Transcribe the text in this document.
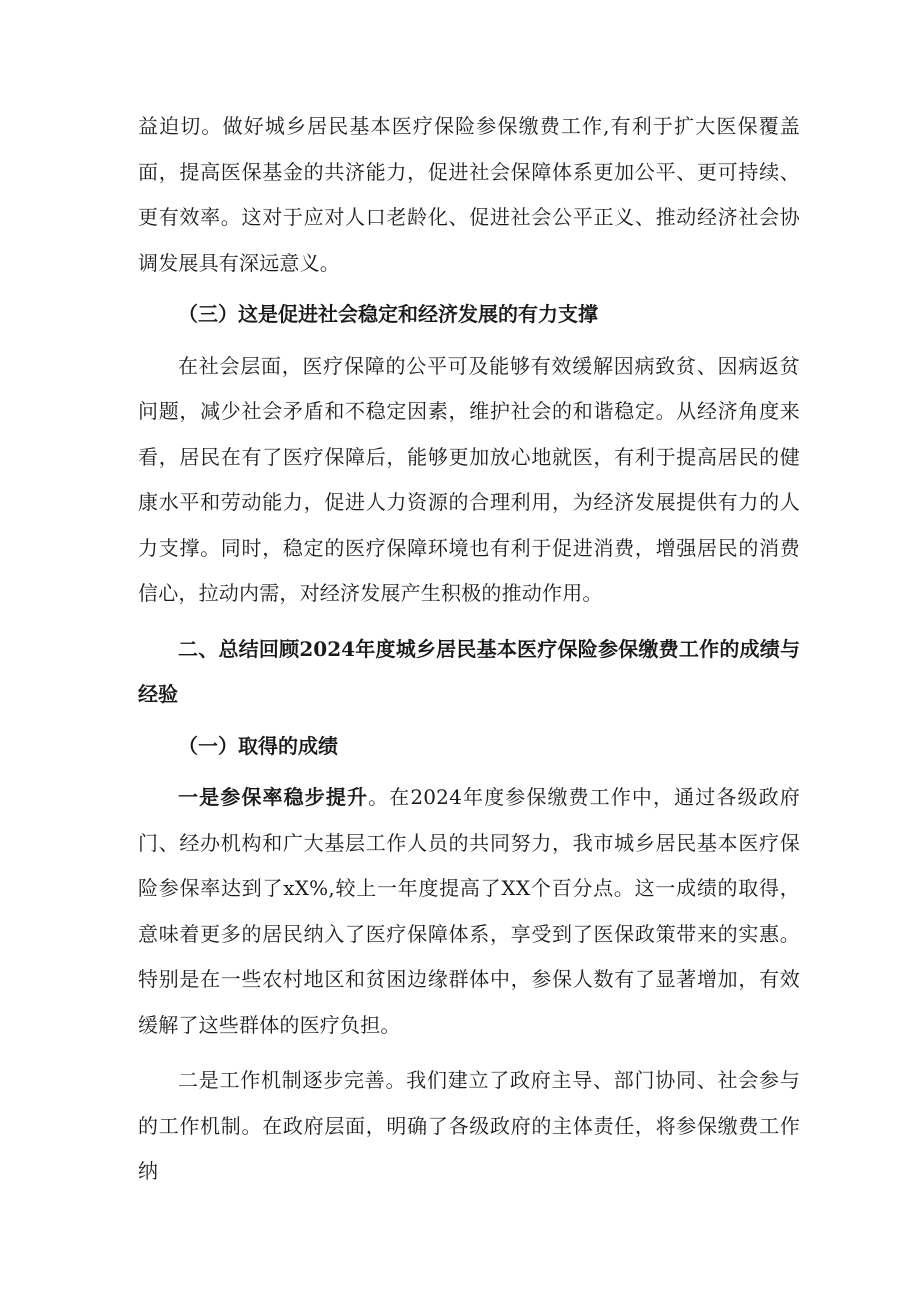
益迫切。做好城乡居民基本医疗保险参保缴费工作,有利于扩大医保覆盖面，提高医保基金的共济能力，促进社会保障体系更加公平、更可持续、更有效率。这对于应对人口老龄化、促进社会公平正义、推动经济社会协调发展具有深远意义。

（三）这是促进社会稳定和经济发展的有力支撑

在社会层面，医疗保障的公平可及能够有效缓解因病致贫、因病返贫问题，减少社会矛盾和不稳定因素，维护社会的和谐稳定。从经济角度来看，居民在有了医疗保障后，能够更加放心地就医，有利于提高居民的健康水平和劳动能力，促进人力资源的合理利用，为经济发展提供有力的人力支撑。同时，稳定的医疗保障环境也有利于促进消费，增强居民的消费信心，拉动内需，对经济发展产生积极的推动作用。

二、总结回顾2024年度城乡居民基本医疗保险参保缴费工作的成绩与经验
（一）取得的成绩

一是参保率稳步提升。在2024年度参保缴费工作中，通过各级政府门、经办机构和广大基层工作人员的共同努力，我市城乡居民基本医疗保险参保率达到了xX%,较上一年度提高了XX个百分点。这一成绩的取得，意味着更多的居民纳入了医疗保障体系，享受到了医保政策带来的实惠。特别是在一些农村地区和贫困边缘群体中，参保人数有了显著增加，有效缓解了这些群体的医疗负担。

二是工作机制逐步完善。我们建立了政府主导、部门协同、社会参与的工作机制。在政府层面，明确了各级政府的主体责任，将参保缴费工作纳
